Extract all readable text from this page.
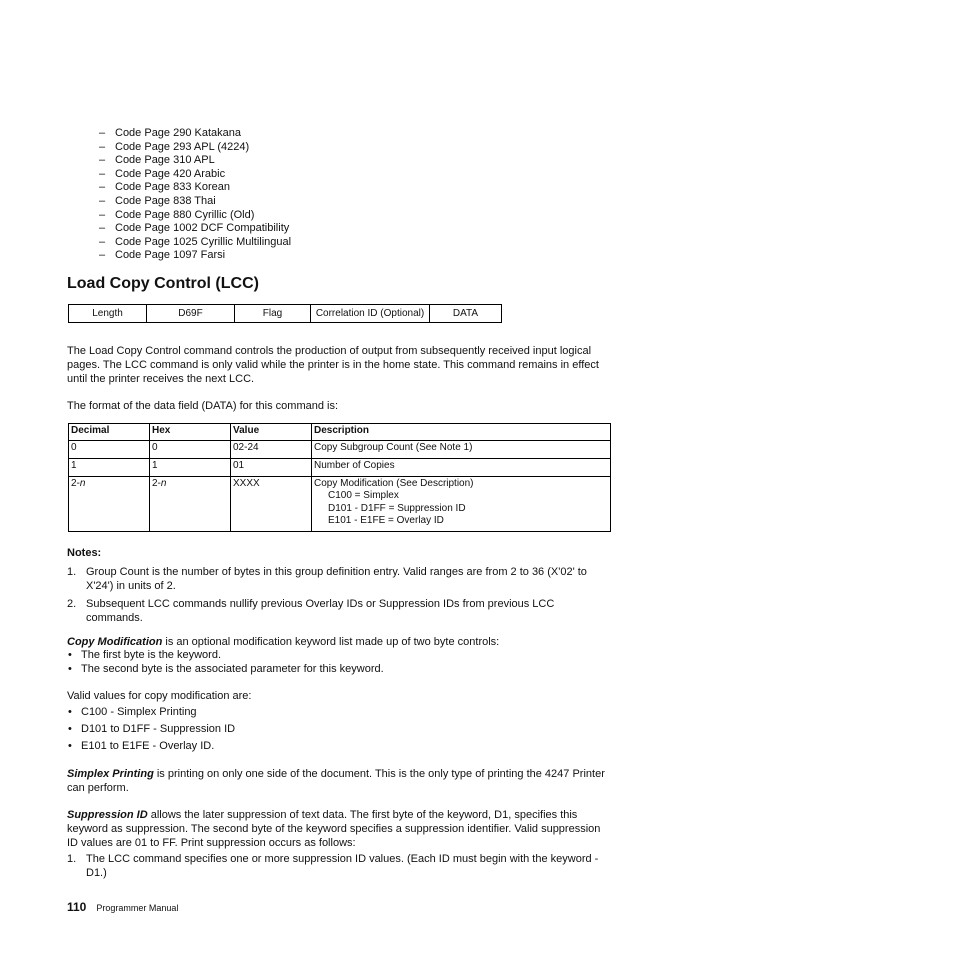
– Code Page 290 Katakana
– Code Page 293 APL (4224)
– Code Page 310 APL
– Code Page 420 Arabic
– Code Page 833 Korean
– Code Page 838 Thai
– Code Page 880 Cyrillic (Old)
– Code Page 1002 DCF Compatibility
– Code Page 1025 Cyrillic Multilingual
– Code Page 1097 Farsi
Load Copy Control (LCC)
Length	D69F	Flag	Correlation ID (Optional)	DATA

The Load Copy Control command controls the production of output from subsequently received input logical pages. The LCC command is only valid while the printer is in the home state. This command remains in effect until the printer receives the next LCC.

The format of the data field (DATA) for this command is:

Decimal	Hex	Value	Description
0	0	02-24	Copy Subgroup Count (See Note 1)
1	1	01	Number of Copies
2-n	2-n	XXXX	Copy Modification (See Description)
C100 = Simplex
D101 - D1FF = Suppression ID
E101 - E1FE = Overlay ID

Notes:

1. Group Count is the number of bytes in this group definition entry. Valid ranges are from 2 to 36 (X'02' to X'24') in units of 2.
2. Subsequent LCC commands nullify previous Overlay IDs or Suppression IDs from previous LCC commands.

Copy Modification is an optional modification keyword list made up of two byte controls:

• The first byte is the keyword.
• The second byte is the associated parameter for this keyword.

Valid values for copy modification are:

• C100 - Simplex Printing
• D101 to D1FF - Suppression ID
• E101 to E1FE - Overlay ID.

Simplex Printing is printing on only one side of the document. This is the only type of printing the 4247 Printer can perform.

Suppression ID allows the later suppression of text data. The first byte of the keyword, D1, specifies this keyword as suppression. The second byte of the keyword specifies a suppression identifier. Valid suppression ID values are 01 to FF. Print suppression occurs as follows:

1. The LCC command specifies one or more suppression ID values. (Each ID must begin with the keyword - D1.)
110 Programmer Manual
